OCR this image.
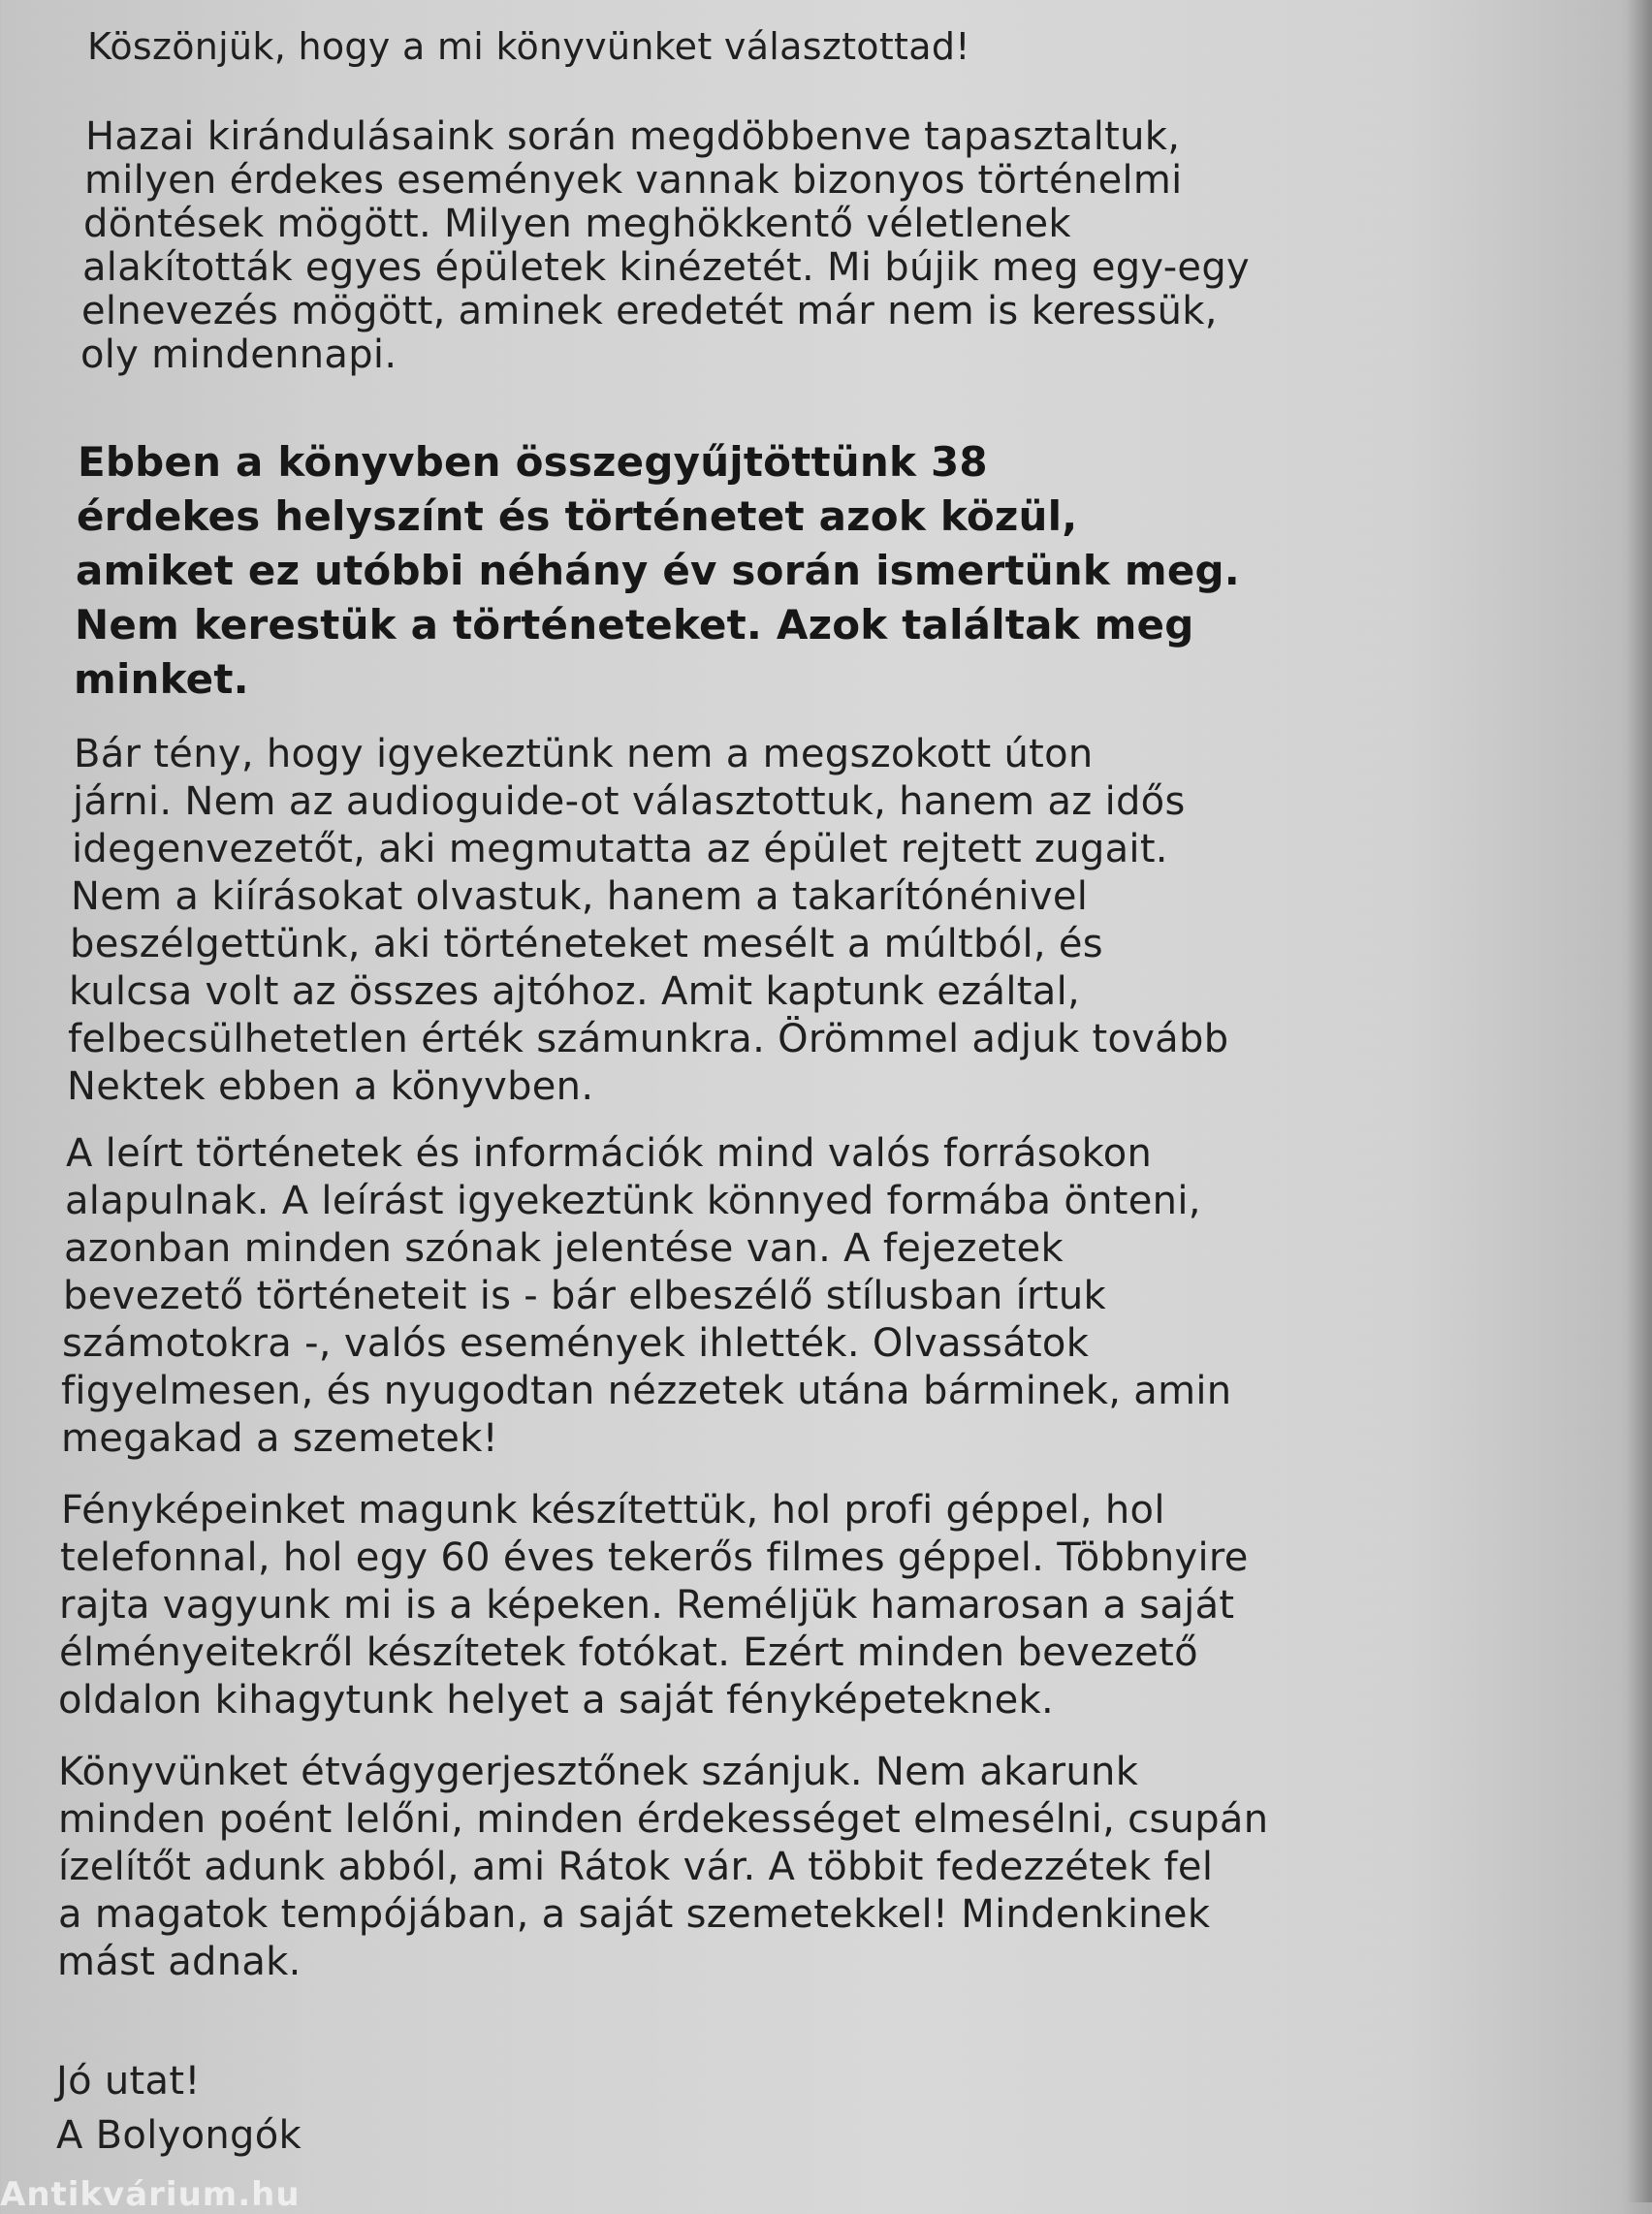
Köszönjük, hogy a mi könyvünket választottad!
Hazai kirándulásaink során megdöbbenve tapasztaltuk,
milyen érdekes események vannak bizonyos történelmi
döntések mögött. Milyen meghökkentő véletlenek
alakították egyes épületek kinézetét. Mi bújik meg egy-egy
elnevezés mögött, aminek eredetét már nem is keressük,
oly mindennapi.
Ebben a könyvben összegyűjtöttünk 38
érdekes helyszínt és történetet azok közül,
amiket ez utóbbi néhány év során ismertünk meg.
Nem kerestük a történeteket. Azok találtak meg
minket.
Bár tény, hogy igyekeztünk nem a megszokott úton
járni. Nem az audioguide-ot választottuk, hanem az idős
idegenvezetőt, aki megmutatta az épület rejtett zugait.
Nem a kiírásokat olvastuk, hanem a takarítónénivel
beszélgettünk, aki történeteket mesélt a múltból, és
kulcsa volt az összes ajtóhoz. Amit kaptunk ezáltal,
felbecsülhetetlen érték számunkra. Örömmel adjuk tovább
Nektek ebben a könyvben.
A leírt történetek és információk mind valós forrásokon
alapulnak. A leírást igyekeztünk könnyed formába önteni,
azonban minden szónak jelentése van. A fejezetek
bevezető történeteit is - bár elbeszélő stílusban írtuk
számotokra -, valós események ihlették. Olvassátok
figyelmesen, és nyugodtan nézzetek utána bárminek, amin
megakad a szemetek!
Fényképeinket magunk készítettük, hol profi géppel, hol
telefonnal, hol egy 60 éves tekerős filmes géppel. Többnyire
rajta vagyunk mi is a képeken. Reméljük hamarosan a saját
élményeitekről készítetek fotókat. Ezért minden bevezető
oldalon kihagytunk helyet a saját fényképeteknek.
Könyvünket étvágygerjesztőnek szánjuk. Nem akarunk
minden poént lelőni, minden érdekességet elmesélni, csupán
ízelítőt adunk abból, ami Rátok vár. A többit fedezzétek fel
a magatok tempójában, a saját szemetekkel! Mindenkinek
mást adnak.
Jó utat!
A Bolyongók
Antikvárium.hu
